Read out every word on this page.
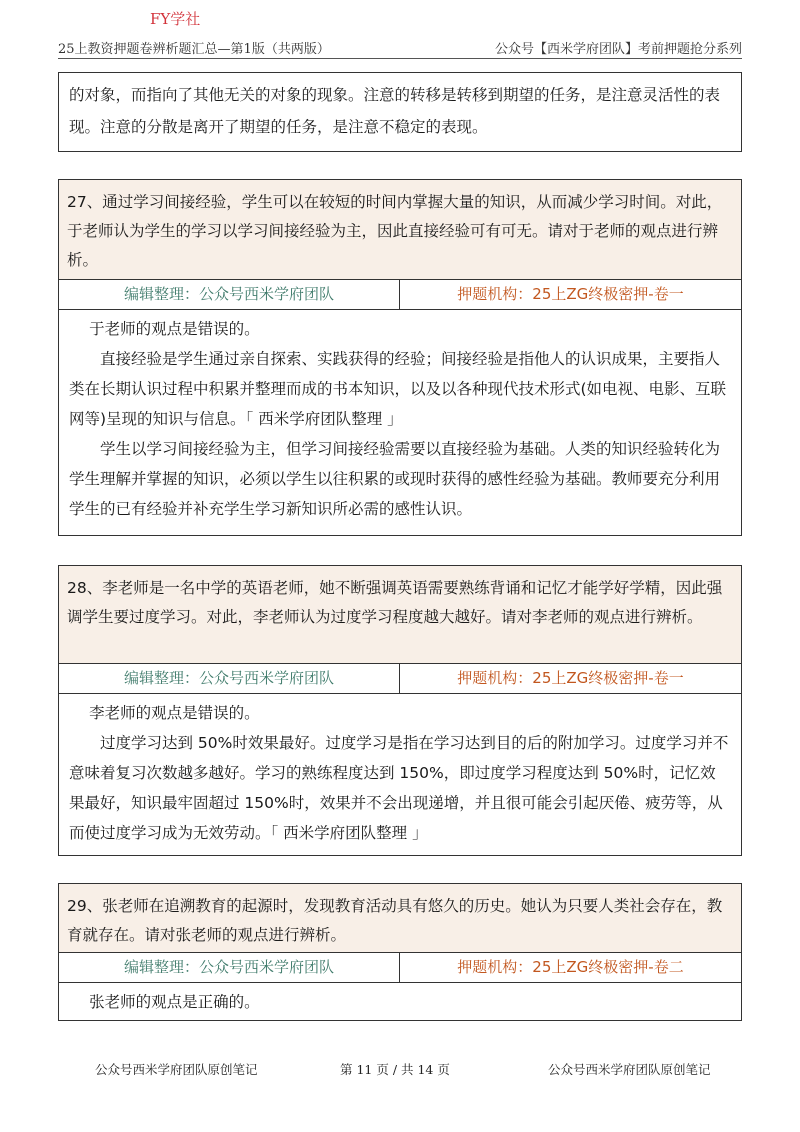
FY学社
25上教资押题卷辨析题汇总—第1版（共两版）	公众号【西米学府团队】考前押题抢分系列
的对象，而指向了其他无关的对象的现象。注意的转移是转移到期望的任务，是注意灵活性的表
现。注意的分散是离开了期望的任务，是注意不稳定的表现。
27、通过学习间接经验，学生可以在较短的时间内掌握大量的知识，从而减少学习时间。对此，于老师认为学生的学习以学习间接经验为主，因此直接经验可有可无。请对于老师的观点进行辨析。
编辑整理：公众号西米学府团队	押题机构：25上ZG终极密押-卷一

于老师的观点是错误的。

直接经验是学生通过亲自探索、实践获得的经验；间接经验是指他人的认识成果，主要指人类在长期认识过程中积累并整理而成的书本知识，以及以各种现代技术形式(如电视、电影、互联网等)呈现的知识与信息。「 西米学府团队整理 」

学生以学习间接经验为主，但学习间接经验需要以直接经验为基础。人类的知识经验转化为学生理解并掌握的知识，必须以学生以往积累的或现时获得的感性经验为基础。教师要充分利用学生的已有经验并补充学生学习新知识所必需的感性认识。

28、李老师是一名中学的英语老师，她不断强调英语需要熟练背诵和记忆才能学好学精，因此强调学生要过度学习。对此，李老师认为过度学习程度越大越好。请对李老师的观点进行辨析。
编辑整理：公众号西米学府团队	押题机构：25上ZG终极密押-卷一

李老师的观点是错误的。

过度学习达到 50%时效果最好。过度学习是指在学习达到目的后的附加学习。过度学习并不意味着复习次数越多越好。学习的熟练程度达到 150%，即过度学习程度达到 50%时，记忆效果最好，知识最牢固超过 150%时，效果并不会出现递增，并且很可能会引起厌倦、疲劳等，从而使过度学习成为无效劳动。「 西米学府团队整理 」

29、张老师在追溯教育的起源时，发现教育活动具有悠久的历史。她认为只要人类社会存在，教育就存在。请对张老师的观点进行辨析。
编辑整理：公众号西米学府团队	押题机构：25上ZG终极密押-卷二

张老师的观点是正确的。

公众号西米学府团队原创笔记	第 11 页 / 共 14 页	公众号西米学府团队原创笔记
